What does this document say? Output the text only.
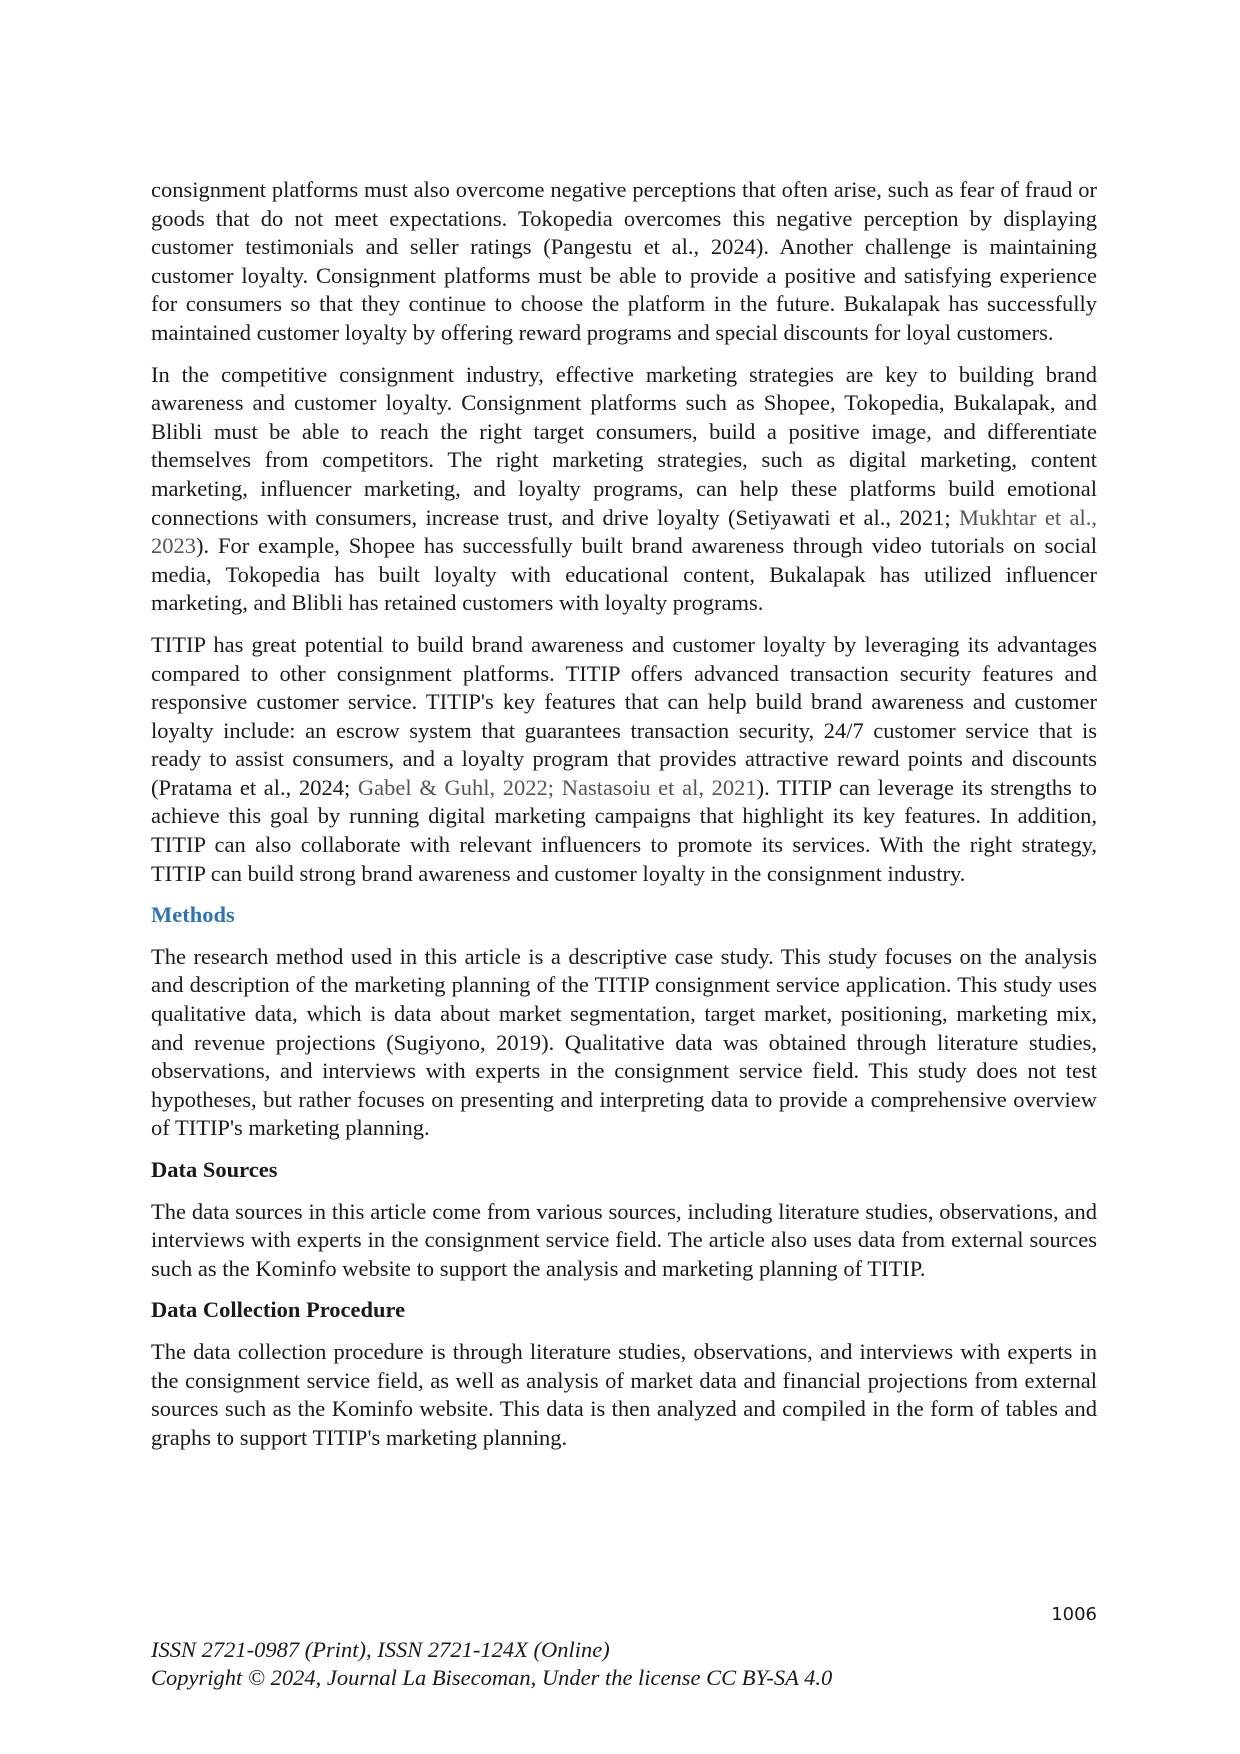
consignment platforms must also overcome negative perceptions that often arise, such as fear of fraud or goods that do not meet expectations. Tokopedia overcomes this negative perception by displaying customer testimonials and seller ratings (Pangestu et al., 2024). Another challenge is maintaining customer loyalty. Consignment platforms must be able to provide a positive and satisfying experience for consumers so that they continue to choose the platform in the future. Bukalapak has successfully maintained customer loyalty by offering reward programs and special discounts for loyal customers.

In the competitive consignment industry, effective marketing strategies are key to building brand awareness and customer loyalty. Consignment platforms such as Shopee, Tokopedia, Bukalapak, and Blibli must be able to reach the right target consumers, build a positive image, and differentiate themselves from competitors. The right marketing strategies, such as digital marketing, content marketing, influencer marketing, and loyalty programs, can help these platforms build emotional connections with consumers, increase trust, and drive loyalty (Setiyawati et al., 2021; Mukhtar et al., 2023). For example, Shopee has successfully built brand awareness through video tutorials on social media, Tokopedia has built loyalty with educational content, Bukalapak has utilized influencer marketing, and Blibli has retained customers with loyalty programs.

TITIP has great potential to build brand awareness and customer loyalty by leveraging its advantages compared to other consignment platforms. TITIP offers advanced transaction security features and responsive customer service. TITIP's key features that can help build brand awareness and customer loyalty include: an escrow system that guarantees transaction security, 24/7 customer service that is ready to assist consumers, and a loyalty program that provides attractive reward points and discounts (Pratama et al., 2024; Gabel & Guhl, 2022; Nastasoiu et al, 2021). TITIP can leverage its strengths to achieve this goal by running digital marketing campaigns that highlight its key features. In addition, TITIP can also collaborate with relevant influencers to promote its services. With the right strategy, TITIP can build strong brand awareness and customer loyalty in the consignment industry.

Methods

The research method used in this article is a descriptive case study. This study focuses on the analysis and description of the marketing planning of the TITIP consignment service application. This study uses qualitative data, which is data about market segmentation, target market, positioning, marketing mix, and revenue projections (Sugiyono, 2019). Qualitative data was obtained through literature studies, observations, and interviews with experts in the consignment service field. This study does not test hypotheses, but rather focuses on presenting and interpreting data to provide a comprehensive overview of TITIP's marketing planning.

Data Sources

The data sources in this article come from various sources, including literature studies, observations, and interviews with experts in the consignment service field. The article also uses data from external sources such as the Kominfo website to support the analysis and marketing planning of TITIP.

Data Collection Procedure

The data collection procedure is through literature studies, observations, and interviews with experts in the consignment service field, as well as analysis of market data and financial projections from external sources such as the Kominfo website. This data is then analyzed and compiled in the form of tables and graphs to support TITIP's marketing planning.

1006
ISSN 2721-0987 (Print), ISSN 2721-124X (Online)
Copyright © 2024, Journal La Bisecoman, Under the license CC BY-SA 4.0
